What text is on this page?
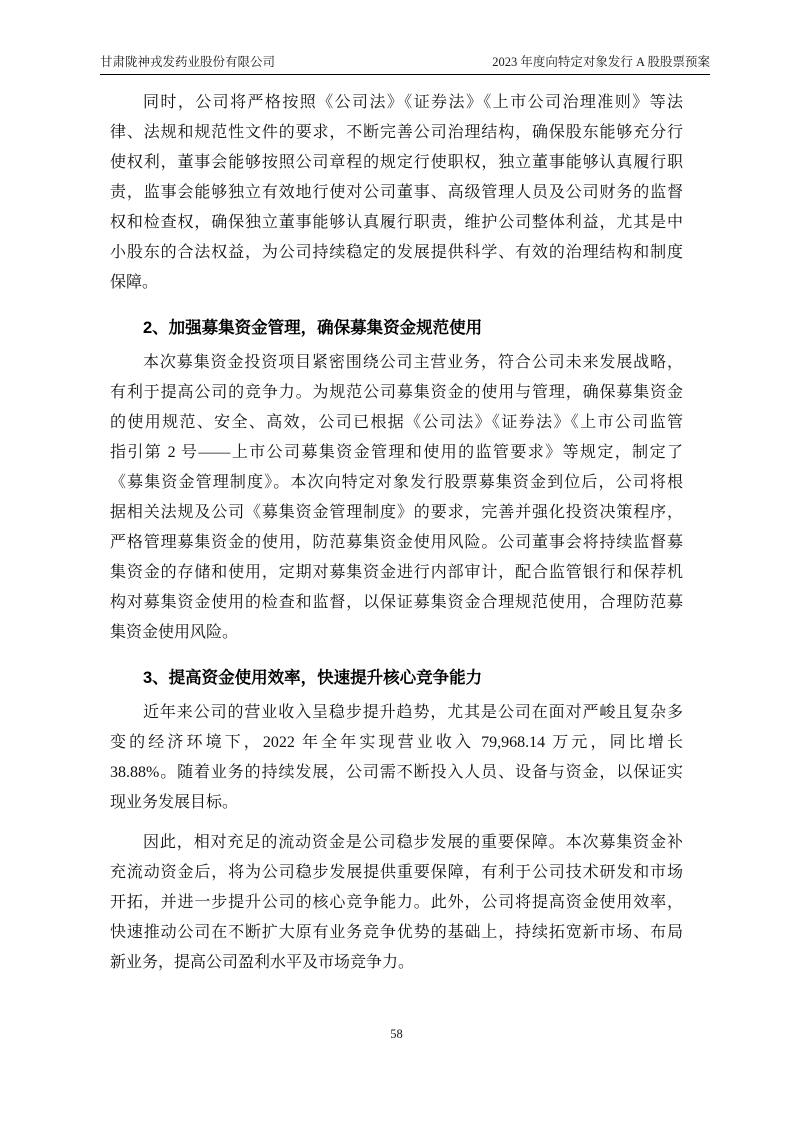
甘肃陇神戎发药业股份有限公司	2023 年度向特定对象发行 A 股股票预案
同时，公司将严格按照《公司法》《证券法》《上市公司治理准则》等法
律、法规和规范性文件的要求，不断完善公司治理结构，确保股东能够充分行
使权利，董事会能够按照公司章程的规定行使职权，独立董事能够认真履行职
责，监事会能够独立有效地行使对公司董事、高级管理人员及公司财务的监督
权和检查权，确保独立董事能够认真履行职责，维护公司整体利益，尤其是中
小股东的合法权益，为公司持续稳定的发展提供科学、有效的治理结构和制度
保障。
2、加强募集资金管理，确保募集资金规范使用
本次募集资金投资项目紧密围绕公司主营业务，符合公司未来发展战略，
有利于提高公司的竞争力。为规范公司募集资金的使用与管理，确保募集资金
的使用规范、安全、高效，公司已根据《公司法》《证券法》《上市公司监管
指引第 2 号——上市公司募集资金管理和使用的监管要求》等规定，制定了
《募集资金管理制度》。本次向特定对象发行股票募集资金到位后，公司将根
据相关法规及公司《募集资金管理制度》的要求，完善并强化投资决策程序，
严格管理募集资金的使用，防范募集资金使用风险。公司董事会将持续监督募
集资金的存储和使用，定期对募集资金进行内部审计，配合监管银行和保荐机
构对募集资金使用的检查和监督，以保证募集资金合理规范使用，合理防范募
集资金使用风险。
3、提高资金使用效率，快速提升核心竞争能力
近年来公司的营业收入呈稳步提升趋势，尤其是公司在面对严峻且复杂多
变的经济环境下，2022 年全年实现营业收入 79,968.14 万元，同比增长
38.88%。随着业务的持续发展，公司需不断投入人员、设备与资金，以保证实
现业务发展目标。
因此，相对充足的流动资金是公司稳步发展的重要保障。本次募集资金补
充流动资金后，将为公司稳步发展提供重要保障，有利于公司技术研发和市场
开拓，并进一步提升公司的核心竞争能力。此外，公司将提高资金使用效率，
快速推动公司在不断扩大原有业务竞争优势的基础上，持续拓宽新市场、布局
新业务，提高公司盈利水平及市场竞争力。
58
